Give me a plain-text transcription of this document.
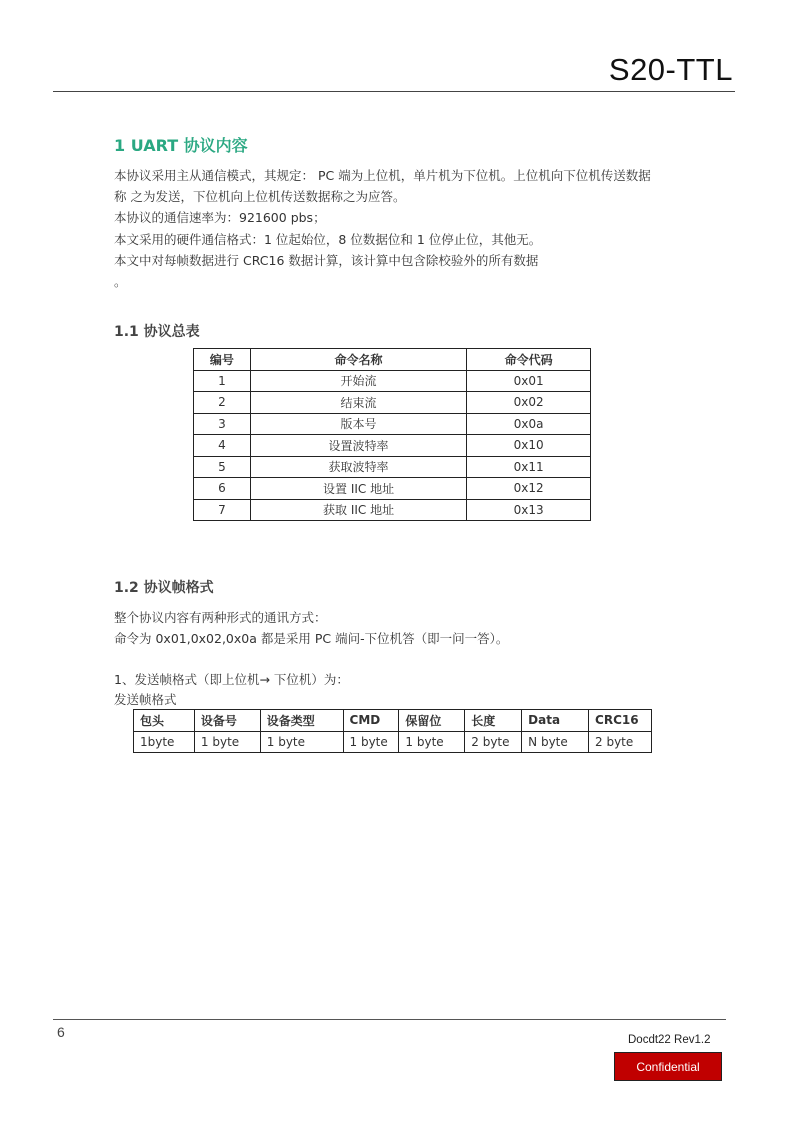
S20-TTL
1 UART 协议内容
本协议采用主从通信模式，其规定： PC 端为上位机，单片机为下位机。上位机向下位机传送数据
称 之为发送，下位机向上位机传送数据称之为应答。
本协议的通信速率为：921600 pbs；
本文采用的硬件通信格式：1 位起始位，8 位数据位和 1 位停止位，其他无。
本文中对每帧数据进行 CRC16 数据计算，该计算中包含除校验外的所有数据
。
1.1 协议总表
编号	命令名称	命令代码
1	开始流	0x01
2	结束流	0x02
3	版本号	0x0a
4	设置波特率	0x10
5	获取波特率	0x11
6	设置 IIC 地址	0x12
7	获取 IIC 地址	0x13
1.2 协议帧格式
整个协议内容有两种形式的通讯方式：
命令为 0x01,0x02,0x0a 都是采用 PC 端问-下位机答（即一问一答）。
1、发送帧格式（即上位机→ 下位机）为：
发送帧格式
包头	设备号	设备类型	CMD	保留位	长度	Data	CRC16
1byte	1 byte	1 byte	1 byte	1 byte	2 byte	N byte	2 byte
6	Docdt22 Rev1.2
Confidential
